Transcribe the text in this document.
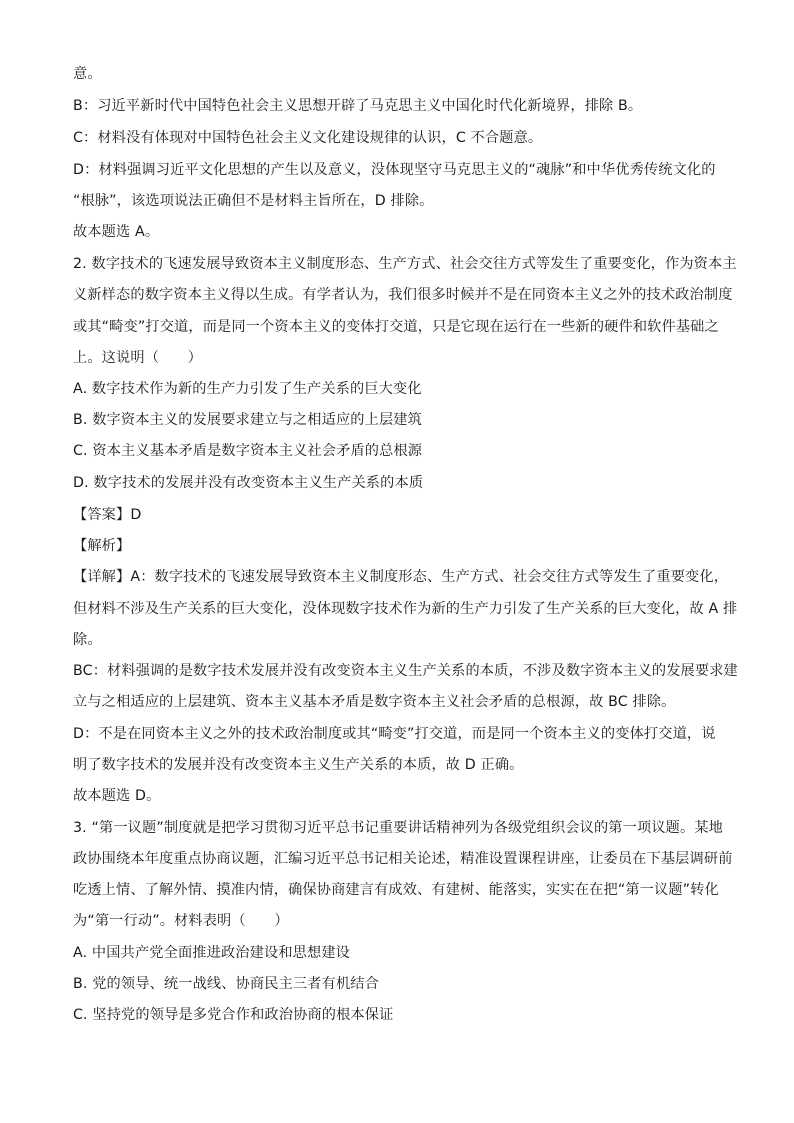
意。
B：习近平新时代中国特色社会主义思想开辟了马克思主义中国化时代化新境界，排除 B。
C：材料没有体现对中国特色社会主义文化建设规律的认识，C 不合题意。
D：材料强调习近平文化思想的产生以及意义，没体现坚守马克思主义的“魂脉”和中华优秀传统文化的
“根脉”，该选项说法正确但不是材料主旨所在，D 排除。
故本题选 A。
2. 数字技术的飞速发展导致资本主义制度形态、生产方式、社会交往方式等发生了重要变化，作为资本主
义新样态的数字资本主义得以生成。有学者认为，我们很多时候并不是在同资本主义之外的技术政治制度
或其“畸变”打交道，而是同一个资本主义的变体打交道，只是它现在运行在一些新的硬件和软件基础之
上。这说明（　　）
A. 数字技术作为新的生产力引发了生产关系的巨大变化
B. 数字资本主义的发展要求建立与之相适应的上层建筑
C. 资本主义基本矛盾是数字资本主义社会矛盾的总根源
D. 数字技术的发展并没有改变资本主义生产关系的本质
【答案】D
【解析】
【详解】A：数字技术的飞速发展导致资本主义制度形态、生产方式、社会交往方式等发生了重要变化，
但材料不涉及生产关系的巨大变化，没体现数字技术作为新的生产力引发了生产关系的巨大变化，故 A 排
除。
BC：材料强调的是数字技术发展并没有改变资本主义生产关系的本质，不涉及数字资本主义的发展要求建
立与之相适应的上层建筑、资本主义基本矛盾是数字资本主义社会矛盾的总根源，故 BC 排除。
D：不是在同资本主义之外的技术政治制度或其“畸变”打交道，而是同一个资本主义的变体打交道，说
明了数字技术的发展并没有改变资本主义生产关系的本质，故 D 正确。
故本题选 D。
3. “第一议题”制度就是把学习贯彻习近平总书记重要讲话精神列为各级党组织会议的第一项议题。某地
政协围绕本年度重点协商议题，汇编习近平总书记相关论述，精准设置课程讲座，让委员在下基层调研前
吃透上情、了解外情、摸准内情，确保协商建言有成效、有建树、能落实，实实在在把“第一议题”转化
为“第一行动”。材料表明（　　）
A. 中国共产党全面推进政治建设和思想建设
B. 党的领导、统一战线、协商民主三者有机结合
C. 坚持党的领导是多党合作和政治协商的根本保证
